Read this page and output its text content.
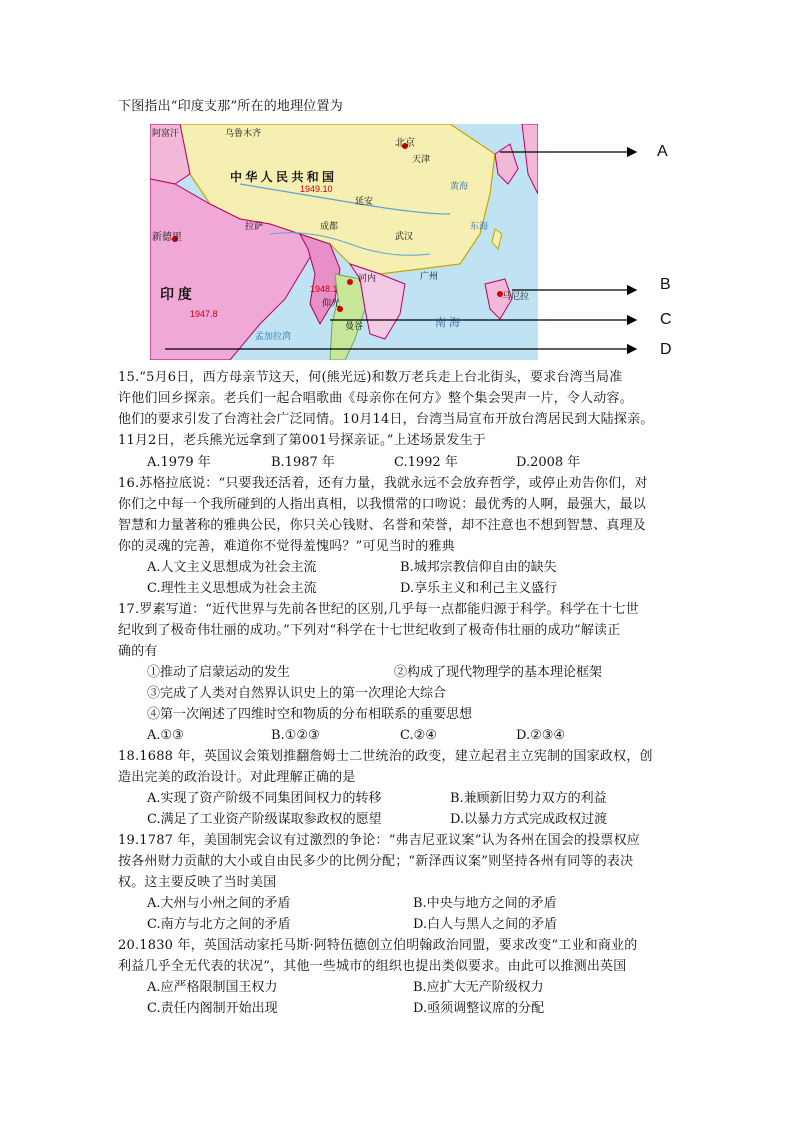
下图指出“印度支那”所在的地理位置为
阿富汗	乌鲁木齐
中 华 人 民 共 和 国
北京
天津
延安
成都
武汉
广州
拉萨
新德里
印 度
仰光
河内
曼谷
马尼拉
黄海
东海
南 海
孟加拉湾
1949.10
1947.8
1948.1
A
B
C
D
15.“5月6日，西方母亲节这天，何(熊光远)和数万老兵走上台北街头，要求台湾当局准
许他们回乡探亲。老兵们一起合唱歌曲《母亲你在何方》整个集会哭声一片，令人动容。
他们的要求引发了台湾社会广泛同情。10月14日，台湾当局宣布开放台湾居民到大陆探亲。
11月2日，老兵熊光远拿到了第001号探亲证。”上述场景发生于
A.1979 年	B.1987 年	C.1992 年	D.2008 年
16.苏格拉底说：“只要我还活着，还有力量，我就永远不会放弃哲学，或停止劝告你们，对
你们之中每一个我所碰到的人指出真相，以我惯常的口吻说：最优秀的人啊，最强大，最以
智慧和力量著称的雅典公民，你只关心钱财、名誉和荣誉，却不注意也不想到智慧、真理及
你的灵魂的完善，难道你不觉得羞愧吗？”可见当时的雅典
A.人文主义思想成为社会主流	B.城邦宗教信仰自由的缺失
C.理性主义思想成为社会主流	D.享乐主义和利己主义盛行
17.罗素写道：“近代世界与先前各世纪的区别,几乎每一点都能归源于科学。科学在十七世
纪收到了极奇伟壮丽的成功。”下列对“科学在十七世纪收到了极奇伟壮丽的成功”解读正
确的有
①推动了启蒙运动的发生	②构成了现代物理学的基本理论框架
③完成了人类对自然界认识史上的第一次理论大综合
④第一次阐述了四维时空和物质的分布相联系的重要思想
A.①③	B.①②③	C.②④	D.②③④
18.1688 年，英国议会策划推翻詹姆士二世统治的政变，建立起君主立宪制的国家政权，创
造出完美的政治设计。对此理解正确的是
A.实现了资产阶级不同集团间权力的转移	B.兼顾新旧势力双方的利益
C.满足了工业资产阶级谋取参政权的愿望	D.以暴力方式完成政权过渡
19.1787 年，美国制宪会议有过激烈的争论：“弗吉尼亚议案”认为各州在国会的投票权应
按各州财力贡献的大小或自由民多少的比例分配；“新泽西议案”则坚持各州有同等的表决
权。这主要反映了当时美国
A.大州与小州之间的矛盾	B.中央与地方之间的矛盾
C.南方与北方之间的矛盾	D.白人与黑人之间的矛盾
20.1830 年，英国活动家托马斯·阿特伍德创立伯明翰政治同盟，要求改变“工业和商业的
利益几乎全无代表的状况”，其他一些城市的组织也提出类似要求。由此可以推测出英国
A.应严格限制国王权力	B.应扩大无产阶级权力
C.责任内阁制开始出现	D.亟须调整议席的分配
